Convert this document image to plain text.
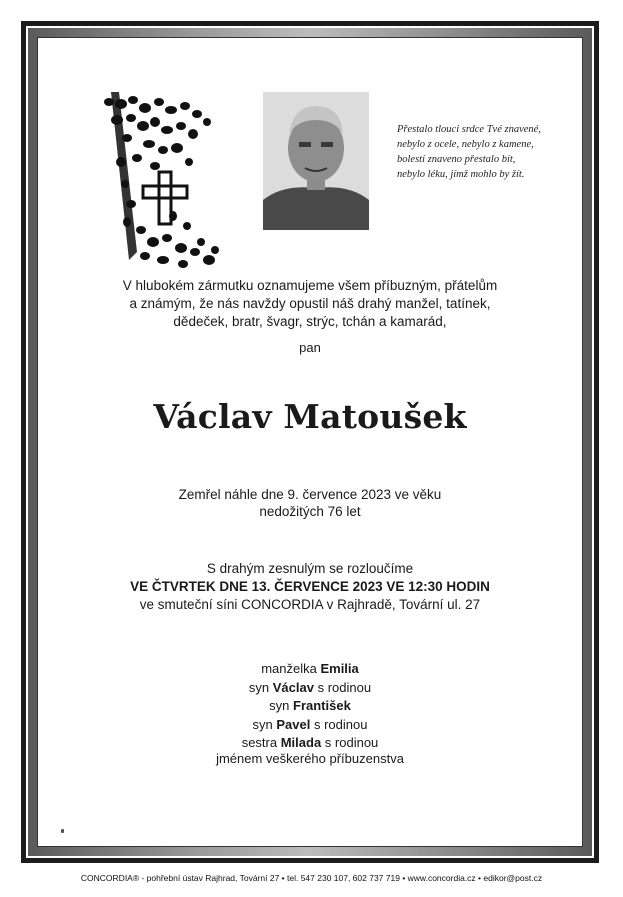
Přestalo tlouci srdce Tvé znavené,
nebylo z ocele, nebylo z kamene,
bolestí znaveno přestalo bít,
nebylo léku, jímž mohlo by žít.
V hlubokém zármutku oznamujeme všem příbuzným, přátelům
a známým, že nás navždy opustil náš drahý manžel, tatínek,
dědeček, bratr, švagr, strýc, tchán a kamarád,
pan
Václav Matoušek
Zemřel náhle dne 9. července 2023 ve věku
nedožitých 76 let
S drahým zesnulým se rozloučíme
VE ČTVRTEK DNE 13. ČERVENCE 2023 VE 12:30 HODIN
ve smuteční síni CONCORDIA v Rajhradě, Tovární ul. 27
manželka Emilia
syn Václav s rodinou
syn František
syn Pavel s rodinou
sestra Milada s rodinou
jménem veškerého příbuzenstva
CONCORDIA® - pohřební ústav Rajhrad, Tovární 27 • tel. 547 230 107, 602 737 719 • www.concordia.cz • edikor@post.cz
